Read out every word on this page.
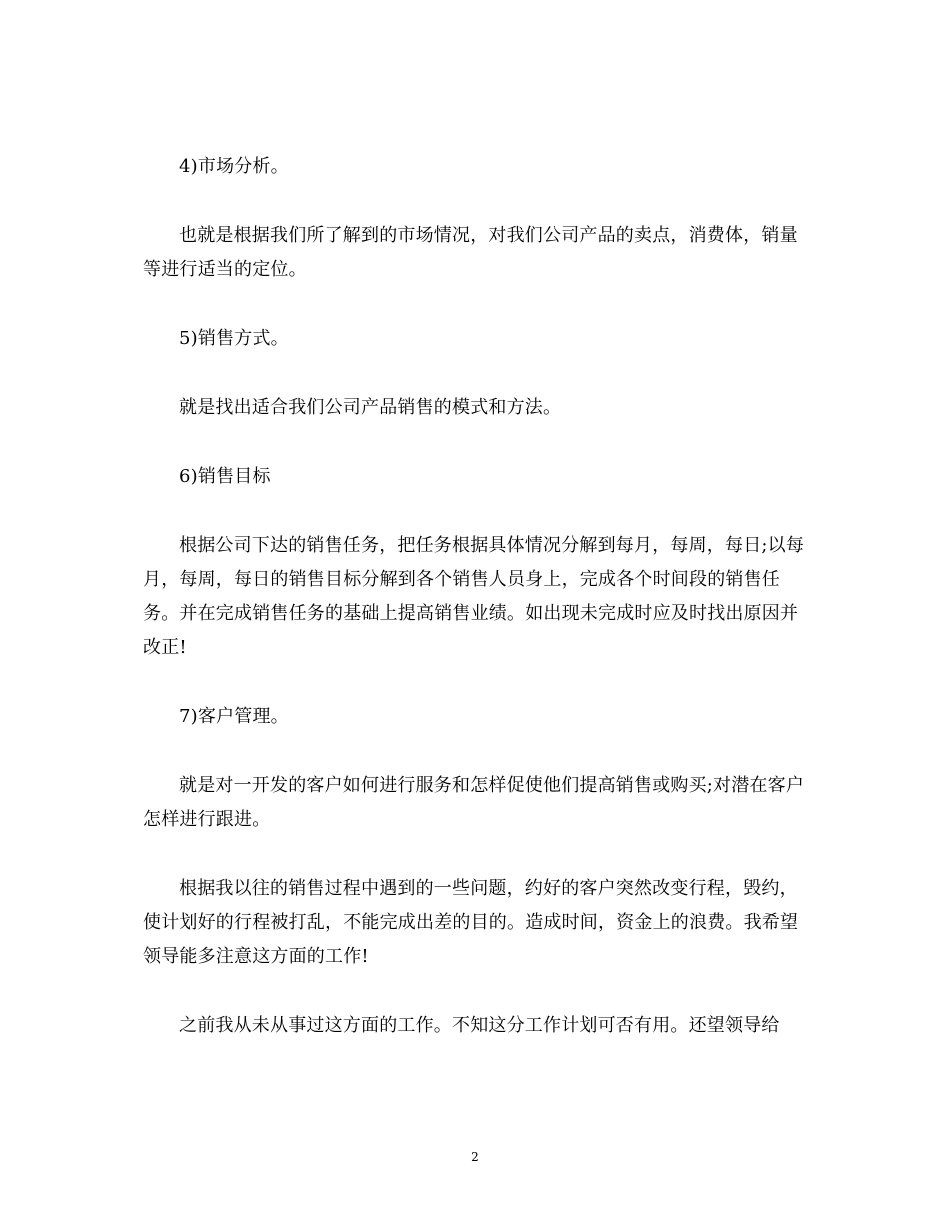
4)市场分析。

也就是根据我们所了解到的市场情况，对我们公司产品的卖点，消费体，销量等进行适当的定位。

5)销售方式。

就是找出适合我们公司产品销售的模式和方法。

6)销售目标

根据公司下达的销售任务，把任务根据具体情况分解到每月，每周，每日;以每月，每周，每日的销售目标分解到各个销售人员身上，完成各个时间段的销售任务。并在完成销售任务的基础上提高销售业绩。如出现未完成时应及时找出原因并改正!

7)客户管理。

就是对一开发的客户如何进行服务和怎样促使他们提高销售或购买;对潜在客户怎样进行跟进。

根据我以往的销售过程中遇到的一些问题，约好的客户突然改变行程，毁约，使计划好的行程被打乱，不能完成出差的目的。造成时间，资金上的浪费。我希望领导能多注意这方面的工作!

之前我从未从事过这方面的工作。不知这分工作计划可否有用。还望领导给

2
